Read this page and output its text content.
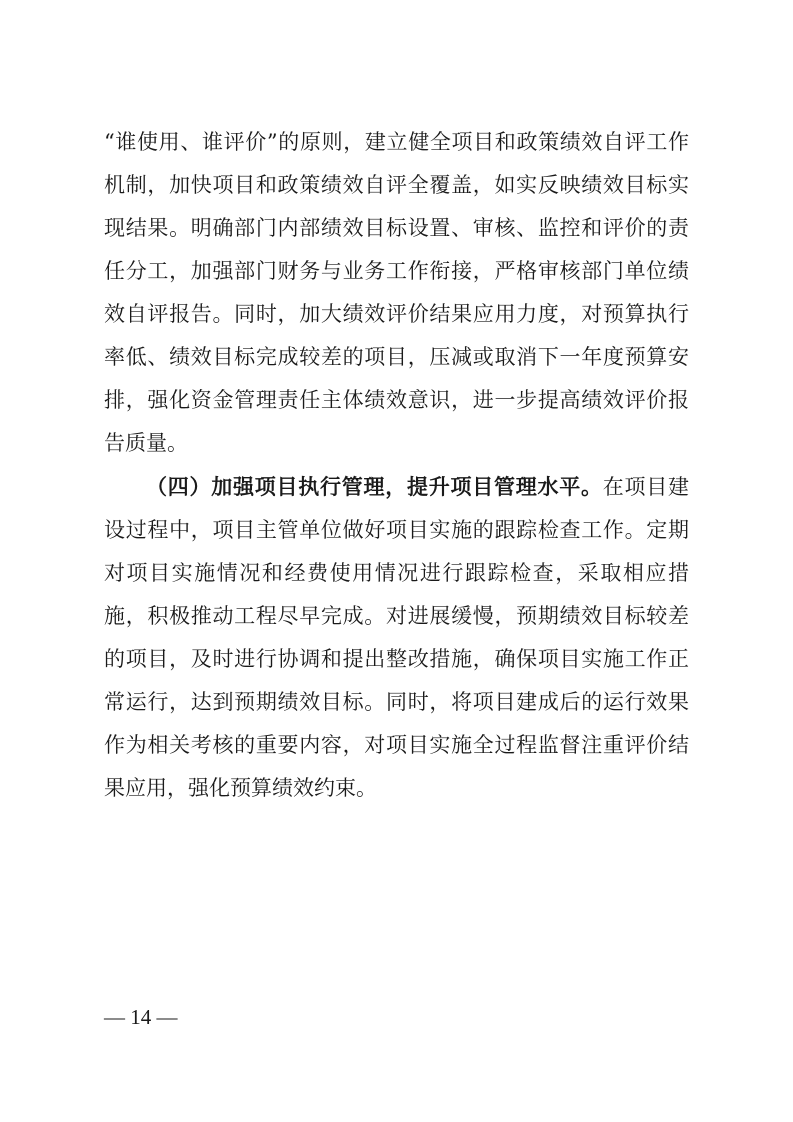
“谁使用、谁评价”的原则，建立健全项目和政策绩效自评工作
机制，加快项目和政策绩效自评全覆盖，如实反映绩效目标实
现结果。明确部门内部绩效目标设置、审核、监控和评价的责
任分工，加强部门财务与业务工作衔接，严格审核部门单位绩
效自评报告。同时，加大绩效评价结果应用力度，对预算执行
率低、绩效目标完成较差的项目，压减或取消下一年度预算安
排，强化资金管理责任主体绩效意识，进一步提高绩效评价报
告质量。
（四）加强项目执行管理，提升项目管理水平。在项目建
设过程中，项目主管单位做好项目实施的跟踪检查工作。定期
对项目实施情况和经费使用情况进行跟踪检查，采取相应措
施，积极推动工程尽早完成。对进展缓慢，预期绩效目标较差
的项目，及时进行协调和提出整改措施，确保项目实施工作正
常运行，达到预期绩效目标。同时，将项目建成后的运行效果
作为相关考核的重要内容，对项目实施全过程监督注重评价结
果应用，强化预算绩效约束。
— 14 —
